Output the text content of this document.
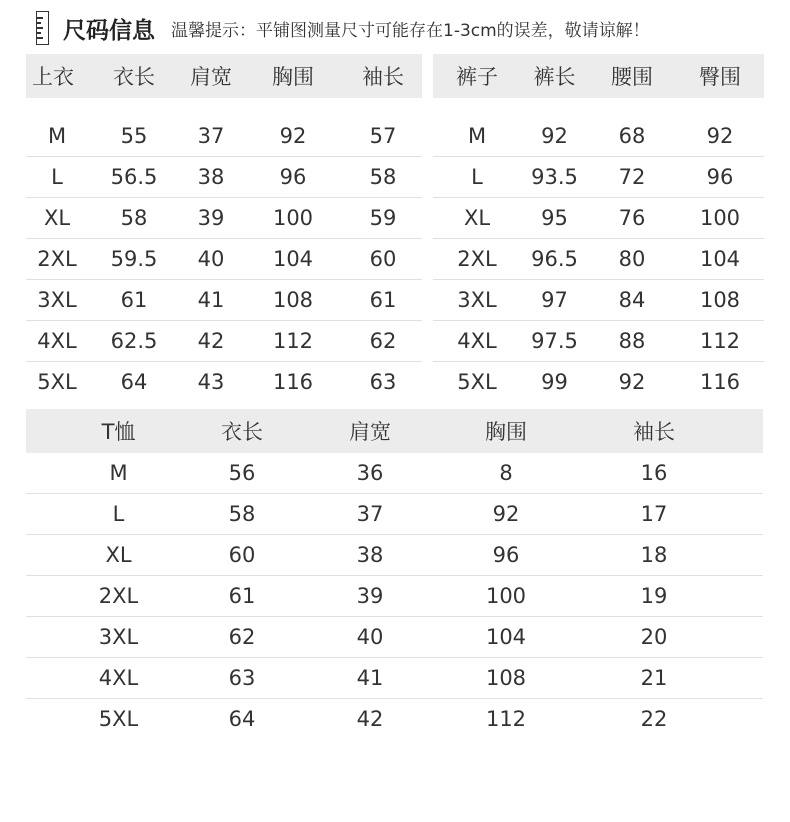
尺码信息 温馨提示：平铺图测量尺寸可能存在1-3cm的误差，敬请谅解！
上衣	衣长	肩宽	胸围	袖长

M	55	37	92	57
L	56.5	38	96	58
XL	58	39	100	59
2XL	59.5	40	104	60
3XL	61	41	108	61
4XL	62.5	42	112	62
5XL	64	43	116	63
裤子	裤长	腰围	臀围

M	92	68	92
L	93.5	72	96
XL	95	76	100
2XL	96.5	80	104
3XL	97	84	108
4XL	97.5	88	112
5XL	99	92	116
T恤	衣长	肩宽	胸围	袖长
M	56	36	8	16
L	58	37	92	17
XL	60	38	96	18
2XL	61	39	100	19
3XL	62	40	104	20
4XL	63	41	108	21
5XL	64	42	112	22
